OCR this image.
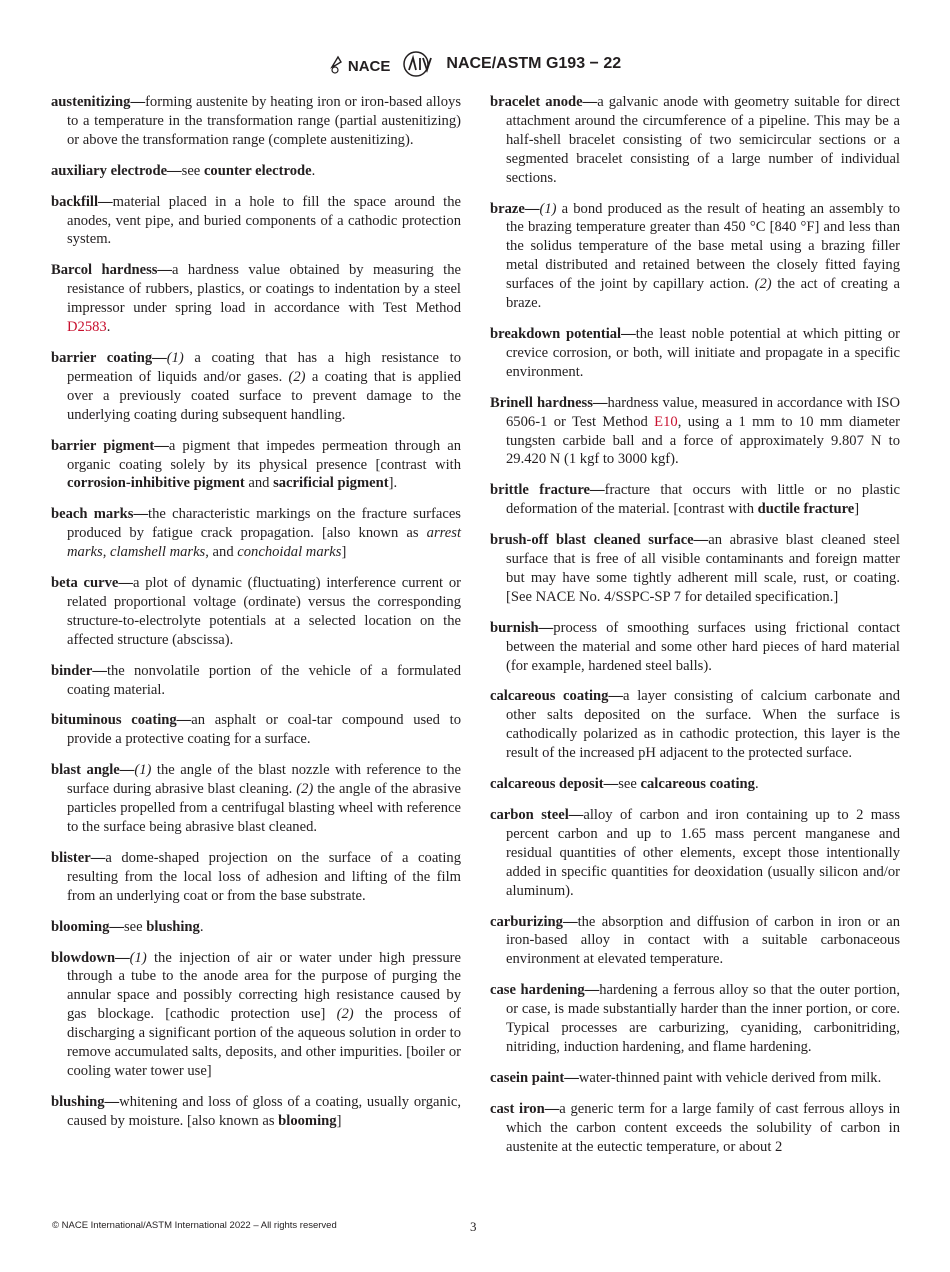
NACE	NACE/ASTM G193 − 22

austenitizing—forming austenite by heating iron or iron-based alloys to a temperature in the transformation range (partial austenitizing) or above the transformation range (complete austenitizing).

auxiliary electrode—see counter electrode.

backfill—material placed in a hole to fill the space around the anodes, vent pipe, and buried components of a cathodic protection system.

Barcol hardness—a hardness value obtained by measuring the resistance of rubbers, plastics, or coatings to indentation by a steel impressor under spring load in accordance with Test Method D2583.

barrier coating—(1) a coating that has a high resistance to permeation of liquids and/or gases. (2) a coating that is applied over a previously coated surface to prevent damage to the underlying coating during subsequent handling.

barrier pigment—a pigment that impedes permeation through an organic coating solely by its physical presence [contrast with corrosion-inhibitive pigment and sacrificial pigment].

beach marks—the characteristic markings on the fracture surfaces produced by fatigue crack propagation. [also known as arrest marks, clamshell marks, and conchoidal marks]

beta curve—a plot of dynamic (fluctuating) interference current or related proportional voltage (ordinate) versus the corresponding structure-to-electrolyte potentials at a selected location on the affected structure (abscissa).

binder—the nonvolatile portion of the vehicle of a formulated coating material.

bituminous coating—an asphalt or coal-tar compound used to provide a protective coating for a surface.

blast angle—(1) the angle of the blast nozzle with reference to the surface during abrasive blast cleaning. (2) the angle of the abrasive particles propelled from a centrifugal blasting wheel with reference to the surface being abrasive blast cleaned.

blister—a dome-shaped projection on the surface of a coating resulting from the local loss of adhesion and lifting of the film from an underlying coat or from the base substrate.

blooming—see blushing.

blowdown—(1) the injection of air or water under high pressure through a tube to the anode area for the purpose of purging the annular space and possibly correcting high resistance caused by gas blockage. [cathodic protection use] (2) the process of discharging a significant portion of the aqueous solution in order to remove accumulated salts, deposits, and other impurities. [boiler or cooling water tower use]

blushing—whitening and loss of gloss of a coating, usually organic, caused by moisture. [also known as blooming]

bracelet anode—a galvanic anode with geometry suitable for direct attachment around the circumference of a pipeline. This may be a half-shell bracelet consisting of two semicircular sections or a segmented bracelet consisting of a large number of individual sections.

braze—(1) a bond produced as the result of heating an assembly to the brazing temperature greater than 450 °C [840 °F] and less than the solidus temperature of the base metal using a brazing filler metal distributed and retained between the closely fitted faying surfaces of the joint by capillary action. (2) the act of creating a braze.

breakdown potential—the least noble potential at which pitting or crevice corrosion, or both, will initiate and propagate in a specific environment.

Brinell hardness—hardness value, measured in accordance with ISO 6506-1 or Test Method E10, using a 1 mm to 10 mm diameter tungsten carbide ball and a force of approximately 9.807 N to 29.420 N (1 kgf to 3000 kgf).

brittle fracture—fracture that occurs with little or no plastic deformation of the material. [contrast with ductile fracture]

brush-off blast cleaned surface—an abrasive blast cleaned steel surface that is free of all visible contaminants and foreign matter but may have some tightly adherent mill scale, rust, or coating. [See NACE No. 4/SSPC-SP 7 for detailed specification.]

burnish—process of smoothing surfaces using frictional contact between the material and some other hard pieces of hard material (for example, hardened steel balls).

calcareous coating—a layer consisting of calcium carbonate and other salts deposited on the surface. When the surface is cathodically polarized as in cathodic protection, this layer is the result of the increased pH adjacent to the protected surface.

calcareous deposit—see calcareous coating.

carbon steel—alloy of carbon and iron containing up to 2 mass percent carbon and up to 1.65 mass percent manganese and residual quantities of other elements, except those intentionally added in specific quantities for deoxidation (usually silicon and/or aluminum).

carburizing—the absorption and diffusion of carbon in iron or an iron-based alloy in contact with a suitable carbonaceous environment at elevated temperature.

case hardening—hardening a ferrous alloy so that the outer portion, or case, is made substantially harder than the inner portion, or core. Typical processes are carburizing, cyaniding, carbonitriding, nitriding, induction hardening, and flame hardening.

casein paint—water-thinned paint with vehicle derived from milk.

cast iron—a generic term for a large family of cast ferrous alloys in which the carbon content exceeds the solubility of carbon in austenite at the eutectic temperature, or about 2

© NACE International/ASTM International 2022 – All rights reserved	3
